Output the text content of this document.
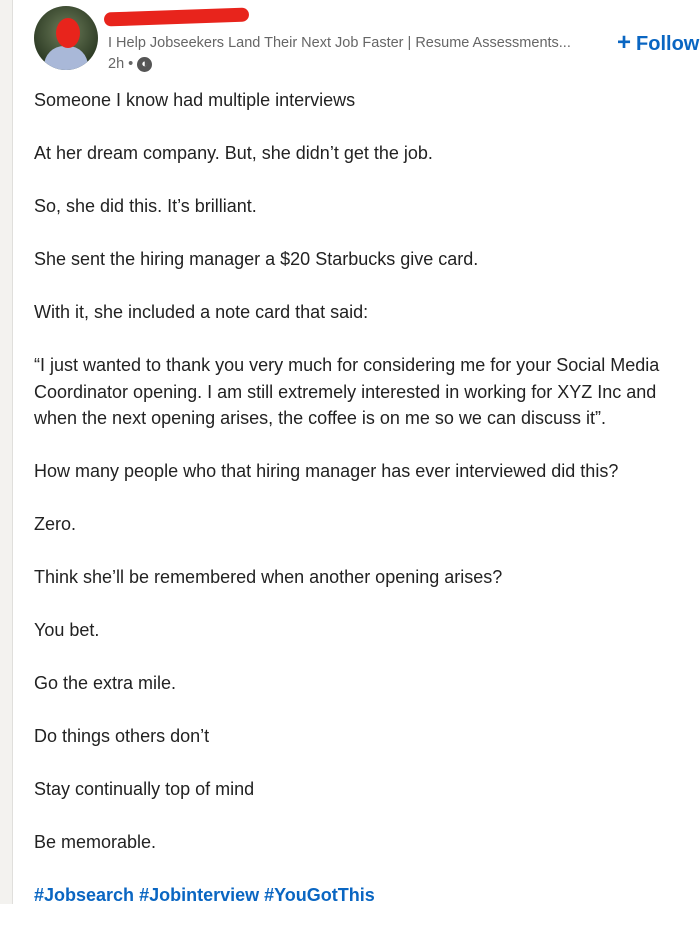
I Help Jobseekers Land Their Next Job Faster | Resume Assessments...
2h • ◐
+ Follow

Someone I know had multiple interviews

At her dream company. But, she didn’t get the job.

So, she did this. It’s brilliant.

She sent the hiring manager a $20 Starbucks give card.

With it, she included a note card that said:

“I just wanted to thank you very much for considering me for your Social Media Coordinator opening. I am still extremely interested in working for XYZ Inc and when the next opening arises, the coffee is on me so we can discuss it”.

How many people who that hiring manager has ever interviewed did this?

Zero.

Think she’ll be remembered when another opening arises?

You bet.

Go the extra mile.

Do things others don’t

Stay continually top of mind

Be memorable.

#Jobsearch #Jobinterview #YouGotThis
